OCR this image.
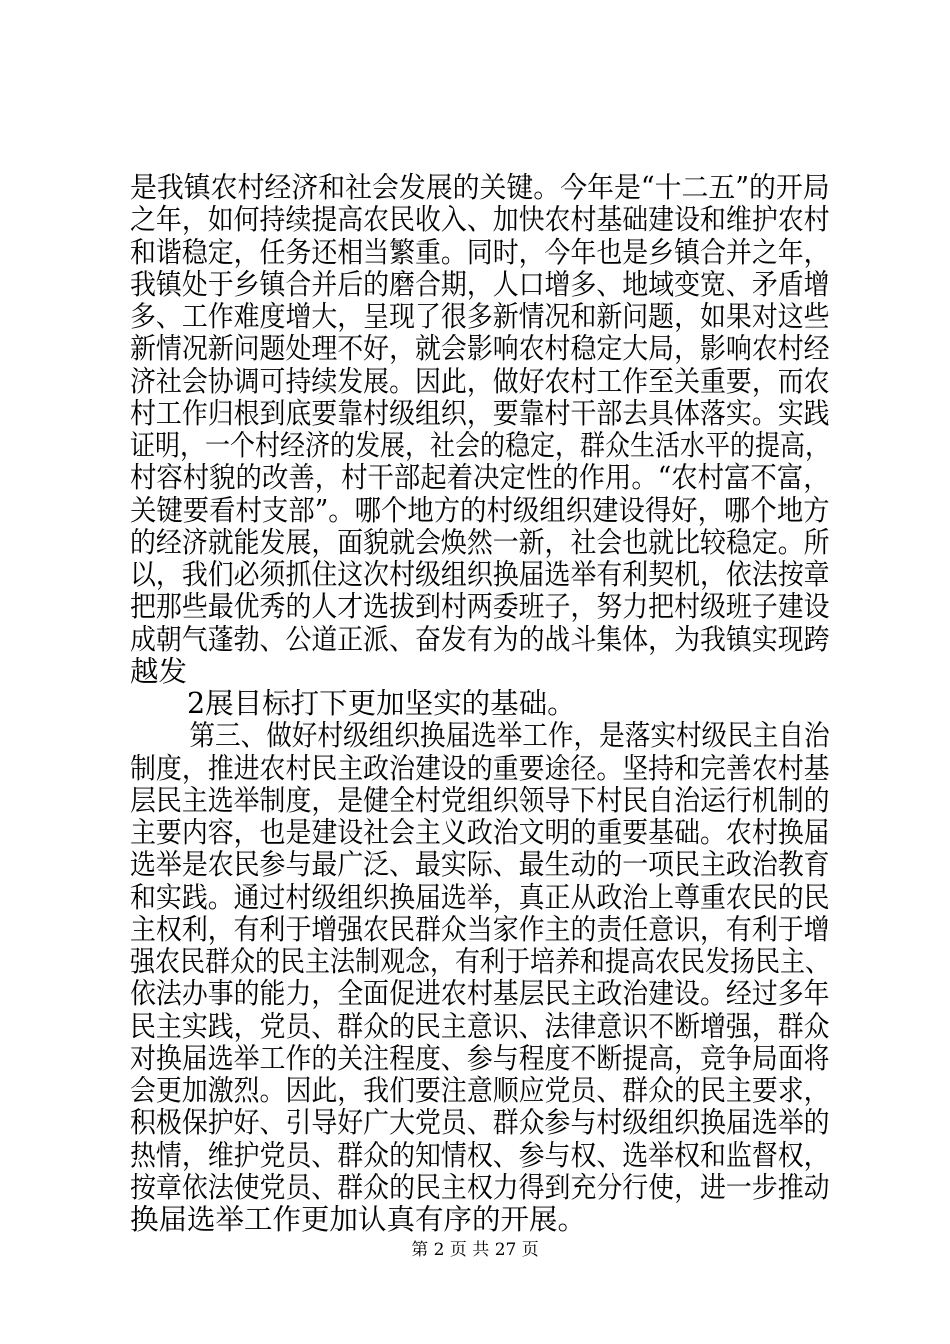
是我镇农村经济和社会发展的关键。今年是“十二五”的开局

之年，如何持续提高农民收入、加快农村基础建设和维护农村

和谐稳定，任务还相当繁重。同时，今年也是乡镇合并之年，

我镇处于乡镇合并后的磨合期，人口增多、地域变宽、矛盾增

多、工作难度增大，呈现了很多新情况和新问题，如果对这些

新情况新问题处理不好，就会影响农村稳定大局，影响农村经

济社会协调可持续发展。因此，做好农村工作至关重要，而农

村工作归根到底要靠村级组织，要靠村干部去具体落实。实践

证明，一个村经济的发展，社会的稳定，群众生活水平的提高，

村容村貌的改善，村干部起着决定性的作用。“农村富不富，

关键要看村支部”。哪个地方的村级组织建设得好，哪个地方

的经济就能发展，面貌就会焕然一新，社会也就比较稳定。所

以，我们必须抓住这次村级组织换届选举有利契机，依法按章

把那些最优秀的人才选拔到村两委班子，努力把村级班子建设

成朝气蓬勃、公道正派、奋发有为的战斗集体，为我镇实现跨

越发

　　2展目标打下更加坚实的基础。

　　 第三、做好村级组织换届选举工作，是落实村级民主自治

制度，推进农村民主政治建设的重要途径。坚持和完善农村基

层民主选举制度，是健全村党组织领导下村民自治运行机制的

主要内容，也是建设社会主义政治文明的重要基础。农村换届

选举是农民参与最广泛、最实际、最生动的一项民主政治教育

和实践。通过村级组织换届选举，真正从政治上尊重农民的民

主权利，有利于增强农民群众当家作主的责任意识，有利于增

强农民群众的民主法制观念，有利于培养和提高农民发扬民主、

依法办事的能力，全面促进农村基层民主政治建设。经过多年

民主实践，党员、群众的民主意识、法律意识不断增强，群众

对换届选举工作的关注程度、参与程度不断提高，竞争局面将

会更加激烈。因此，我们要注意顺应党员、群众的民主要求，

积极保护好、引导好广大党员、群众参与村级组织换届选举的

热情，维护党员、群众的知情权、参与权、选举权和监督权，

按章依法使党员、群众的民主权力得到充分行使，进一步推动

换届选举工作更加认真有序的开展。

第 2 页 共 27 页
